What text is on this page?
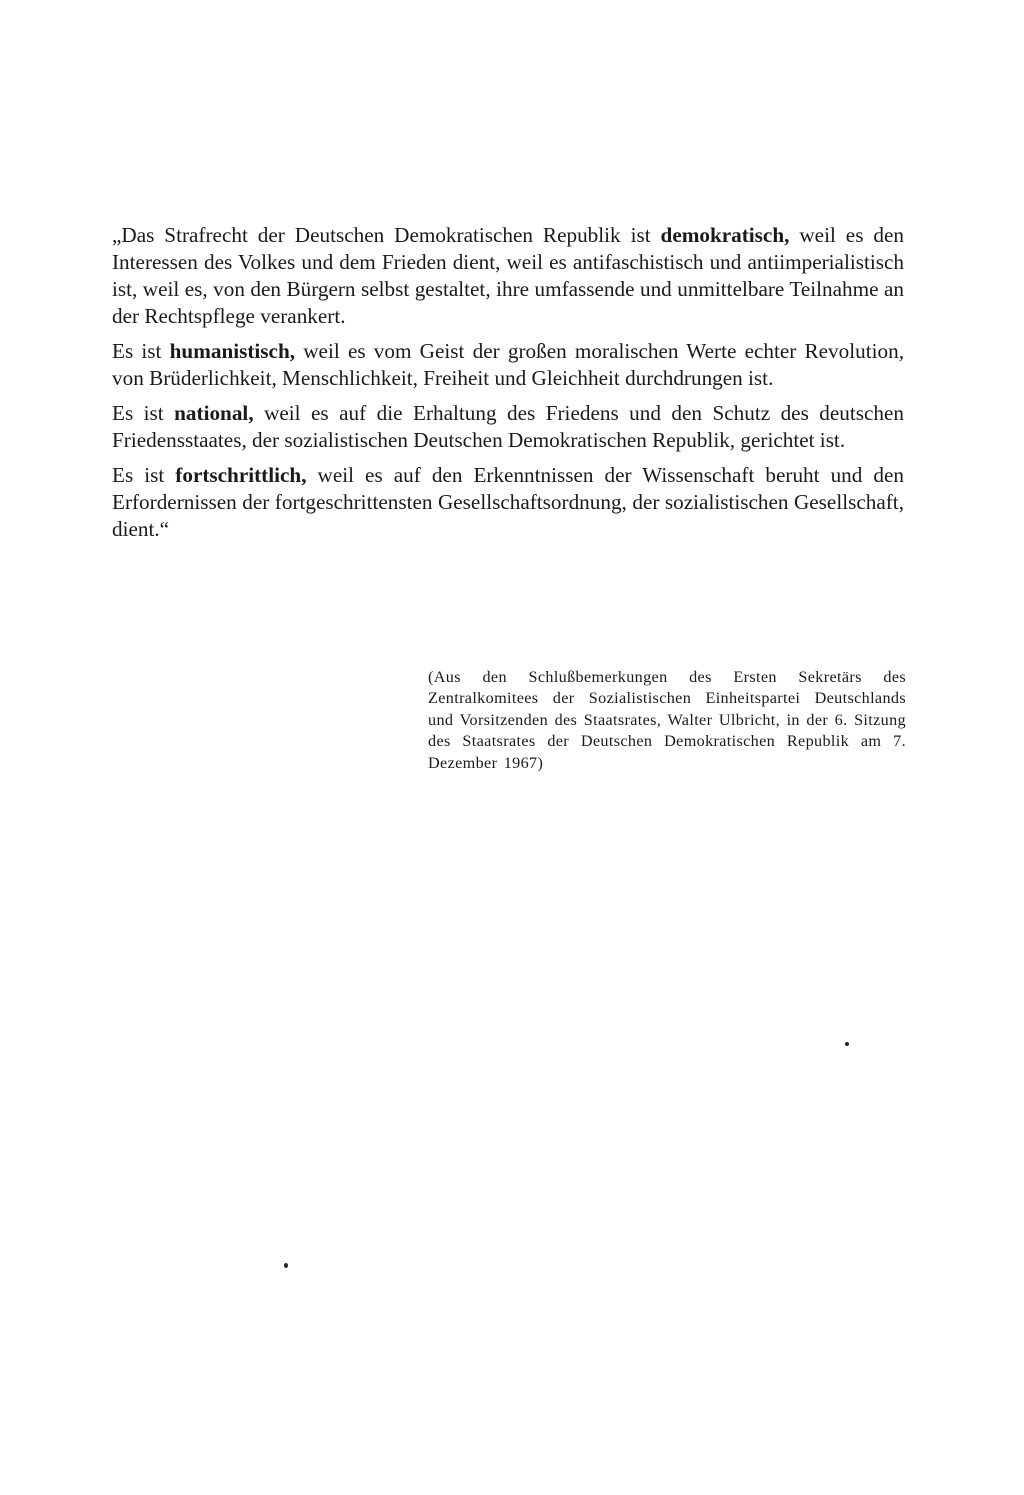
„Das Strafrecht der Deutschen Demokratischen Republik ist demokratisch, weil es den Interessen des Volkes und dem Frieden dient, weil es antifaschistisch und antiimperialistisch ist, weil es, von den Bürgern selbst gestaltet, ihre umfassende und unmittelbare Teilnahme an der Rechtspflege verankert.

Es ist humanistisch, weil es vom Geist der großen moralischen Werte echter Revolution, von Brüderlichkeit, Menschlichkeit, Freiheit und Gleichheit durchdrungen ist.

Es ist national, weil es auf die Erhaltung des Friedens und den Schutz des deutschen Friedensstaates, der sozialistischen Deutschen Demokratischen Republik, gerichtet ist.

Es ist fortschrittlich, weil es auf den Erkenntnissen der Wissenschaft beruht und den Erfordernissen der fortgeschrittensten Gesellschaftsordnung, der sozialistischen Gesellschaft, dient.“

(Aus den Schlußbemerkungen des Ersten Sekretärs des Zentralkomitees der Sozialistischen Einheitspartei Deutschlands und Vorsitzenden des Staatsrates, Walter Ulbricht, in der 6. Sitzung des Staatsrates der Deutschen Demokratischen Republik am 7. Dezember 1967)
